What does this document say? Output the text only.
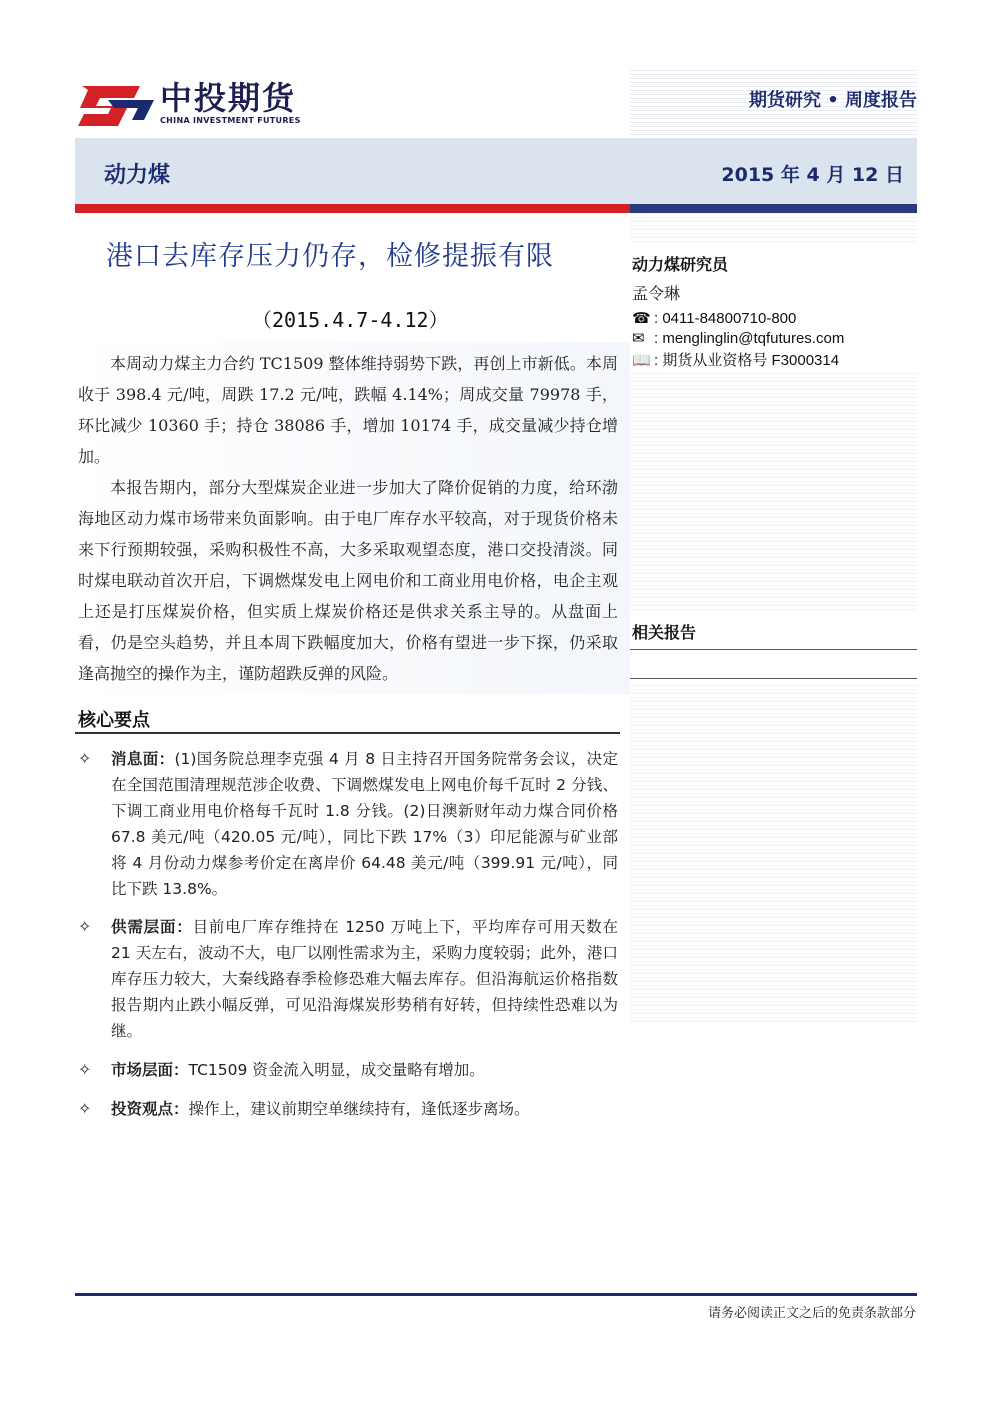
中投期货
CHINA INVESTMENT FUTURES
期货研究 • 周度报告
动力煤	2015 年 4 月 12 日
动力煤研究员
孟令琳
☎ : 0411-84800710-800
✉ : menglinglin@tqfutures.com
📖 : 期货从业资格号 F3000314
相关报告
港口去库存压力仍存，检修提振有限
（2015.4.7-4.12）

本周动力煤主力合约 TC1509 整体维持弱势下跌，再创上市新低。本周收于 398.4 元/吨，周跌 17.2 元/吨，跌幅 4.14%；周成交量 79978 手，环比减少 10360 手；持仓 38086 手，增加 10174 手，成交量减少持仓增加。

本报告期内，部分大型煤炭企业进一步加大了降价促销的力度，给环渤海地区动力煤市场带来负面影响。由于电厂库存水平较高，对于现货价格未来下行预期较强，采购积极性不高，大多采取观望态度，港口交投清淡。同时煤电联动首次开启，下调燃煤发电上网电价和工商业用电价格，电企主观上还是打压煤炭价格，但实质上煤炭价格还是供求关系主导的。从盘面上看，仍是空头趋势，并且本周下跌幅度加大，价格有望进一步下探，仍采取逢高抛空的操作为主，谨防超跌反弹的风险。

核心要点
✧	消息面：(1)国务院总理李克强 4 月 8 日主持召开国务院常务会议，决定在全国范围清理规范涉企收费、下调燃煤发电上网电价每千瓦时 2 分钱、下调工商业用电价格每千瓦时 1.8 分钱。(2)日澳新财年动力煤合同价格 67.8 美元/吨（420.05 元/吨），同比下跌 17%（3）印尼能源与矿业部将 4 月份动力煤参考价定在离岸价 64.48 美元/吨（399.91 元/吨），同比下跌 13.8%。
✧	供需层面：目前电厂库存维持在 1250 万吨上下，平均库存可用天数在 21 天左右，波动不大，电厂以刚性需求为主，采购力度较弱；此外，港口库存压力较大，大秦线路春季检修恐难大幅去库存。但沿海航运价格指数报告期内止跌小幅反弹，可见沿海煤炭形势稍有好转，但持续性恐难以为继。
✧	市场层面：TC1509 资金流入明显，成交量略有增加。
✧	投资观点：操作上，建议前期空单继续持有，逢低逐步离场。
请务必阅读正文之后的免责条款部分
